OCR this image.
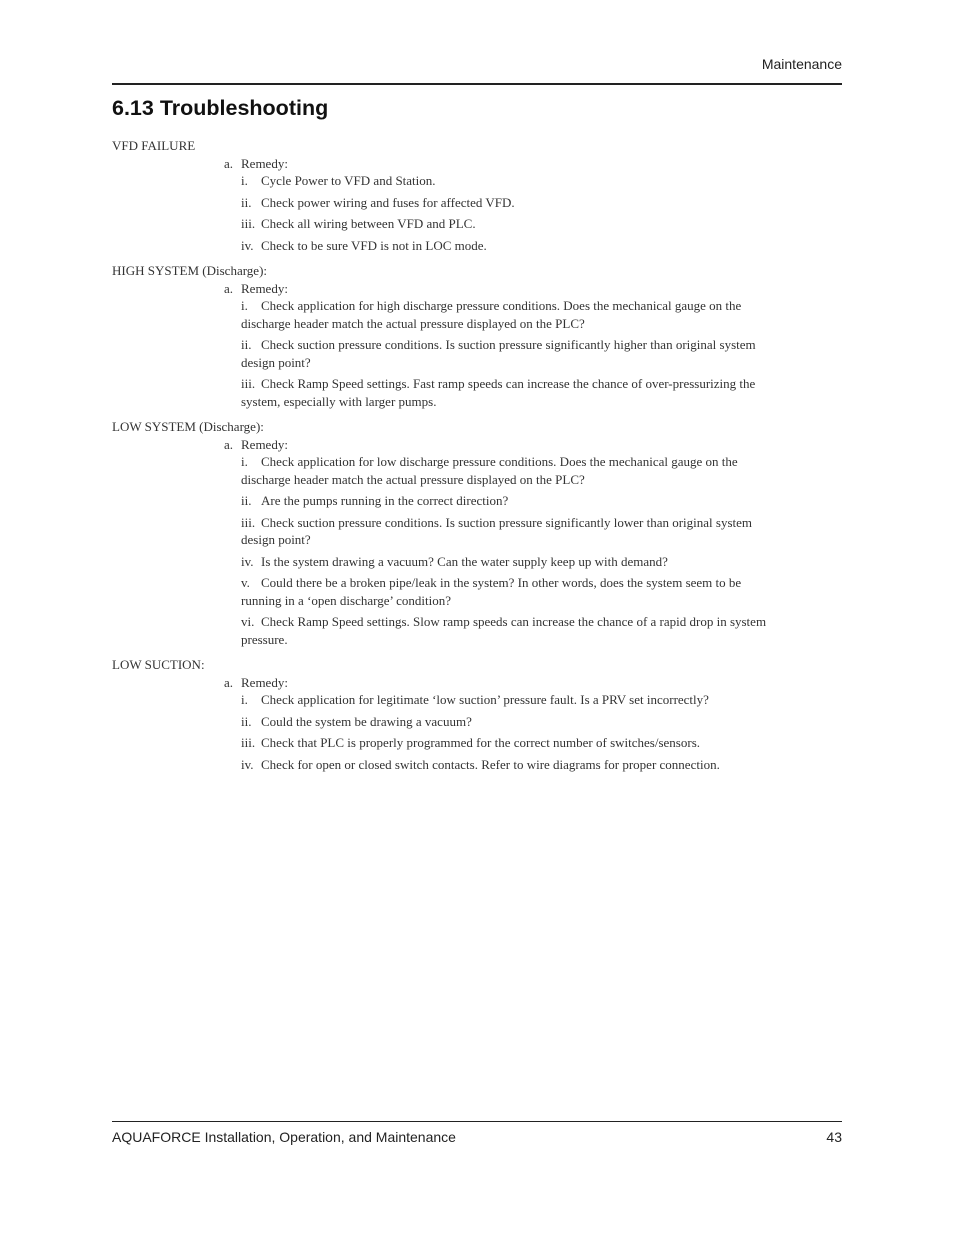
Maintenance
6.13 Troubleshooting
VFD FAILURE
a. Remedy:
i. Cycle Power to VFD and Station.
ii. Check power wiring and fuses for affected VFD.
iii. Check all wiring between VFD and PLC.
iv. Check to be sure VFD is not in LOC mode.
HIGH SYSTEM (Discharge):
a. Remedy:
i. Check application for high discharge pressure conditions. Does the mechanical gauge on the discharge header match the actual pressure displayed on the PLC?
ii. Check suction pressure conditions. Is suction pressure significantly higher than original system design point?
iii. Check Ramp Speed settings. Fast ramp speeds can increase the chance of over-pressurizing the system, especially with larger pumps.
LOW SYSTEM (Discharge):
a. Remedy:
i. Check application for low discharge pressure conditions. Does the mechanical gauge on the discharge header match the actual pressure displayed on the PLC?
ii. Are the pumps running in the correct direction?
iii. Check suction pressure conditions. Is suction pressure significantly lower than original system design point?
iv. Is the system drawing a vacuum? Can the water supply keep up with demand?
v. Could there be a broken pipe/leak in the system? In other words, does the system seem to be running in a ‘open discharge’ condition?
vi. Check Ramp Speed settings. Slow ramp speeds can increase the chance of a rapid drop in system pressure.
LOW SUCTION:
a. Remedy:
i. Check application for legitimate ‘low suction’ pressure fault. Is a PRV set incorrectly?
ii. Could the system be drawing a vacuum?
iii. Check that PLC is properly programmed for the correct number of switches/sensors.
iv. Check for open or closed switch contacts. Refer to wire diagrams for proper connection.
AQUAFORCE Installation, Operation, and Maintenance	43
